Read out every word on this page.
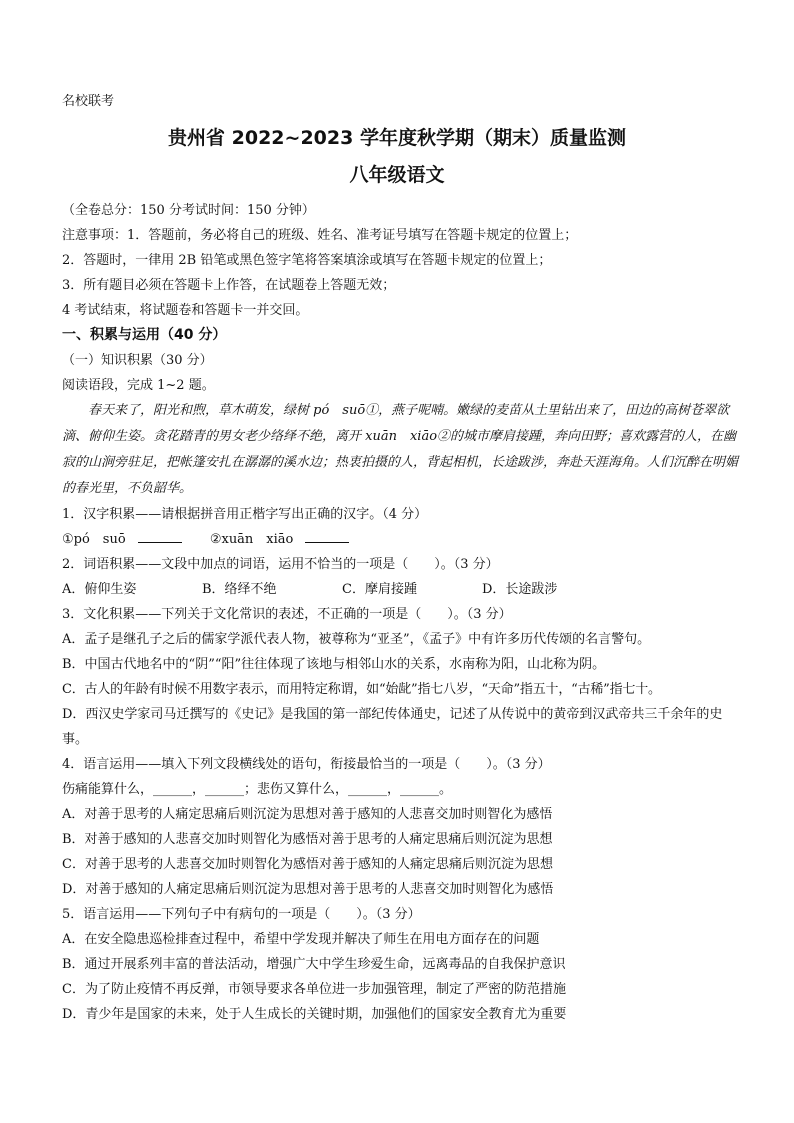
名校联考
贵州省 2022~2023 学年度秋学期（期末）质量监测
八年级语文
（全卷总分：150 分考试时间：150 分钟）
注意事项：1．答题前，务必将自己的班级、姓名、准考证号填写在答题卡规定的位置上；
2．答题时，一律用 2B 铅笔或黑色签字笔将答案填涂或填写在答题卡规定的位置上；
3．所有题目必须在答题卡上作答，在试题卷上答题无效；
4 考试结束，将试题卷和答题卡一并交回。
一、积累与运用（40 分）
（一）知识积累（30 分）
阅读语段，完成 1~2 题。

春天来了，阳光和煦，草木萌发，绿树 pó　suō①，燕子呢喃。嫩绿的麦苗从土里钻出来了，田边的高树苍翠欲滴、俯仰生姿。贪花踏青的男女老少络绎不绝，离开 xuān　xiāo②的城市摩肩接踵，奔向田野；喜欢露营的人，在幽寂的山涧旁驻足，把帐篷安扎在潺潺的溪水边；热衷拍摄的人，背起相机，长途跋涉，奔赴天涯海角。人们沉醉在明媚的春光里，不负韶华。

1．汉字积累——请根据拼音用正楷字写出正确的汉字。（4 分）
①pó　suō	②xuān　xiāo
2．词语积累——文段中加点的词语，运用不恰当的一项是（　　）。（3 分）
A．俯仰生姿	B．络绎不绝	C．摩肩接踵	D．长途跋涉
3．文化积累——下列关于文化常识的表述，不正确的一项是（　　）。（3 分）
A．孟子是继孔子之后的儒家学派代表人物，被尊称为“亚圣”，《孟子》中有许多历代传颂的名言警句。
B．中国古代地名中的“阴”“阳”往往体现了该地与相邻山水的关系，水南称为阳，山北称为阴。
C．古人的年龄有时候不用数字表示，而用特定称谓，如“始龀”指七八岁，“天命”指五十，“古稀”指七十。
D．西汉史学家司马迁撰写的《史记》是我国的第一部纪传体通史，记述了从传说中的黄帝到汉武帝共三千余年的史事。
4．语言运用——填入下列文段横线处的语句，衔接最恰当的一项是（　　）。（3 分）
伤痛能算什么，______，______；悲伤又算什么，______，______。
A．对善于思考的人痛定思痛后则沉淀为思想对善于感知的人悲喜交加时则智化为感悟
B．对善于感知的人悲喜交加时则智化为感悟对善于思考的人痛定思痛后则沉淀为思想
C．对善于思考的人悲喜交加时则智化为感悟对善于感知的人痛定思痛后则沉淀为思想
D．对善于感知的人痛定思痛后则沉淀为思想对善于思考的人悲喜交加时则智化为感悟
5．语言运用——下列句子中有病句的一项是（　　）。（3 分）
A．在安全隐患巡检排查过程中，希望中学发现并解决了师生在用电方面存在的问题
B．通过开展系列丰富的普法活动，增强广大中学生珍爱生命，远离毒品的自我保护意识
C．为了防止疫情不再反弹，市领导要求各单位进一步加强管理，制定了严密的防范措施
D．青少年是国家的未来，处于人生成长的关键时期，加强他们的国家安全教育尤为重要
